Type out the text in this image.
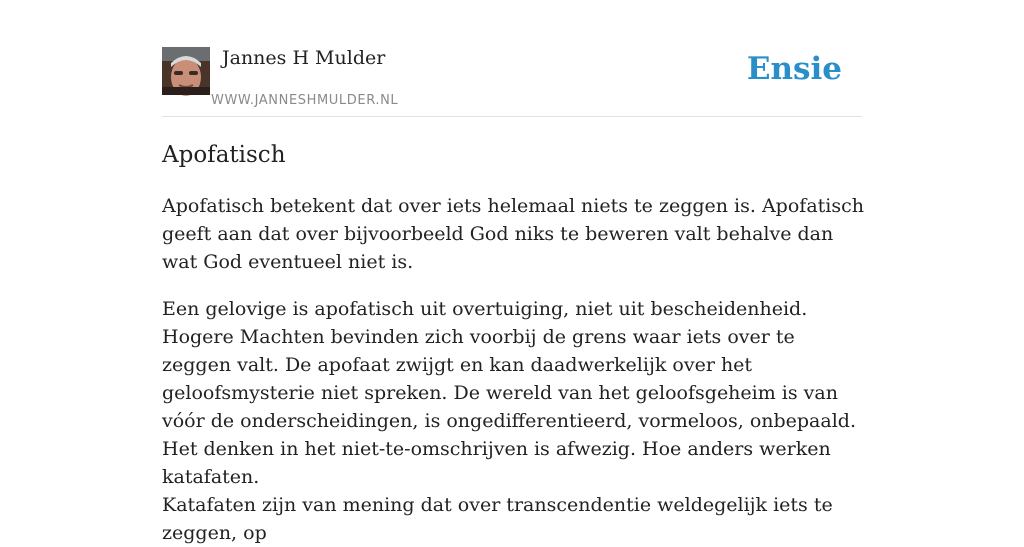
Jannes H Mulder
WWW.JANNESHMULDER.NL
Ensie
Apofatisch

Apofatisch betekent dat over iets helemaal niets te zeggen is. Apofatisch geeft aan dat over bijvoorbeeld God niks te beweren valt behalve dan wat God eventueel niet is.

Een gelovige is apofatisch uit overtuiging, niet uit bescheidenheid. Hogere Machten bevinden zich voorbij de grens waar iets over te zeggen valt. De apofaat zwijgt en kan daadwerkelijk over het geloofsmysterie niet spreken. De wereld van het geloofsgeheim is van vóór de onderscheidingen, is ongedifferentieerd, vormeloos, onbepaald. Het denken in het niet-te-omschrijven is afwezig. Hoe anders werken katafaten.

Katafaten zijn van mening dat over transcendentie weldegelijk iets te zeggen, op
